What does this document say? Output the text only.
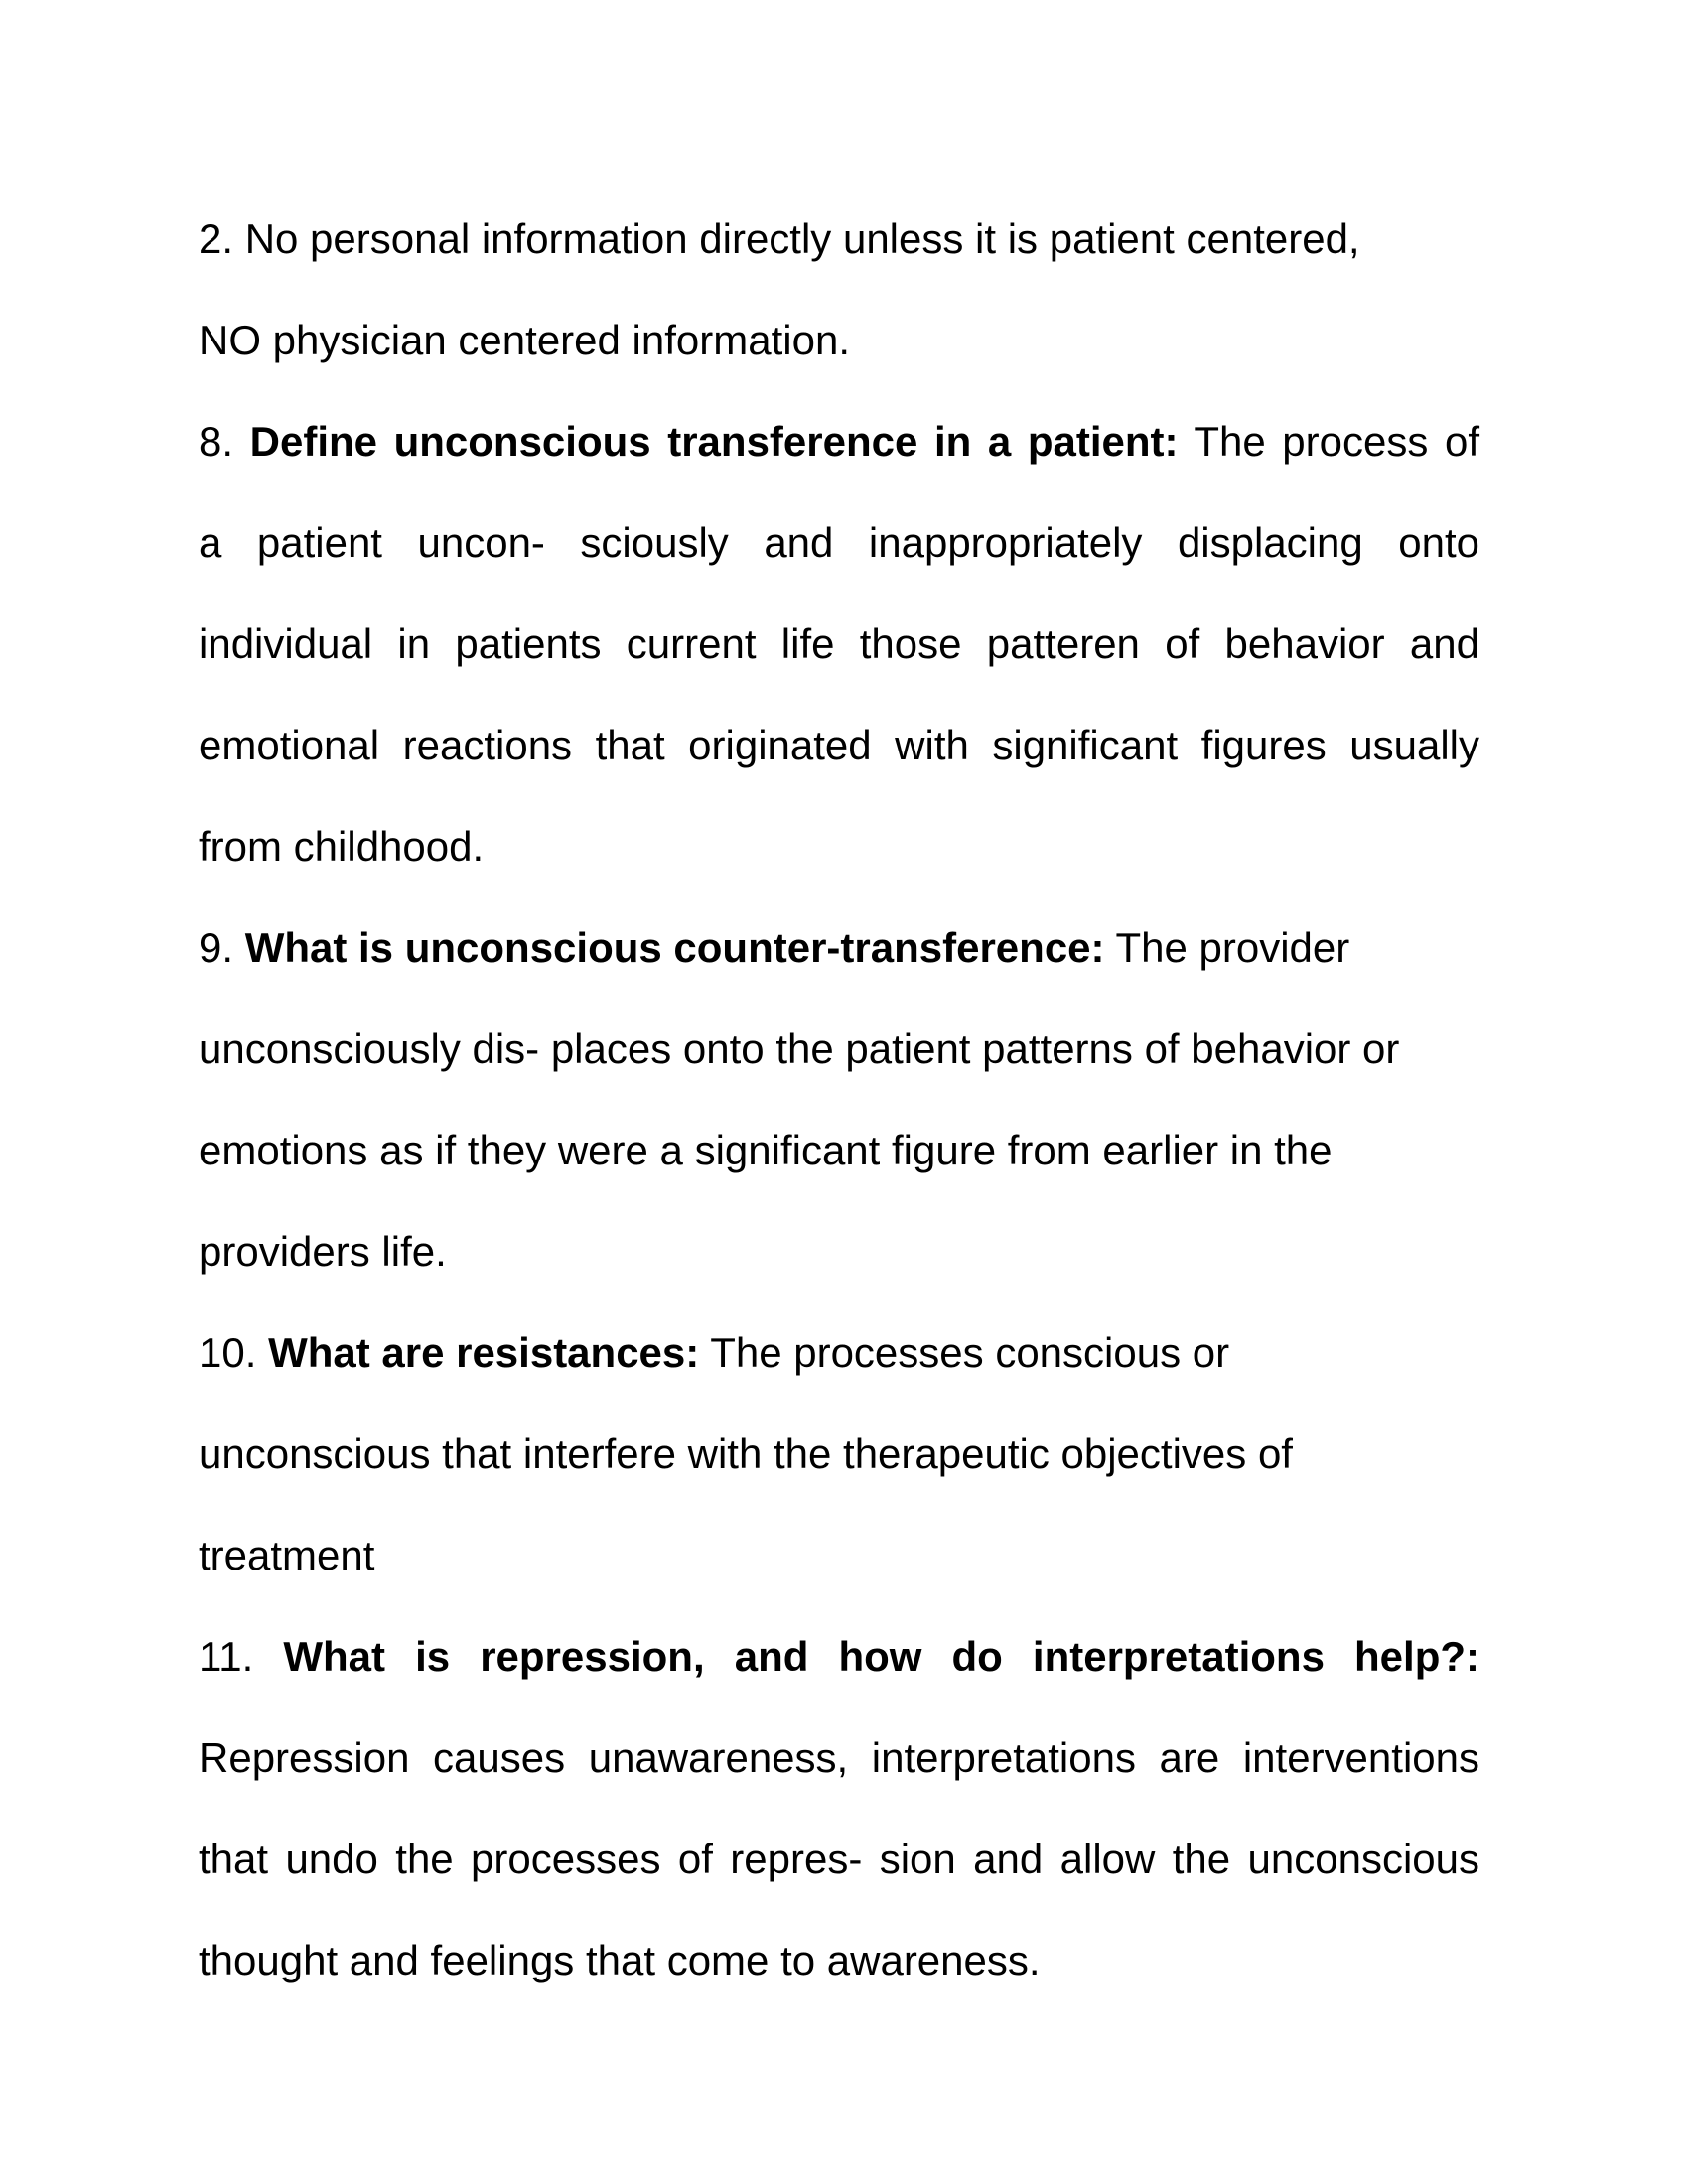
2. No personal information directly unless it is patient centered,
NO physician centered information.
8. Define unconscious transference in a patient: The process of
a patient uncon- sciously and inappropriately displacing onto
individual in patients current life those patteren of behavior and
emotional reactions that originated with significant figures usually
from childhood.
9. What is unconscious counter-transference: The provider
unconsciously dis- places onto the patient patterns of behavior or
emotions as if they were a significant figure from earlier in the
providers life.
10. What are resistances: The processes conscious or
unconscious that interfere with the therapeutic objectives of
treatment
11. What is repression, and how do interpretations help?:
Repression causes unawareness, interpretations are interventions
that undo the processes of repres- sion and allow the unconscious
thought and feelings that come to awareness.
